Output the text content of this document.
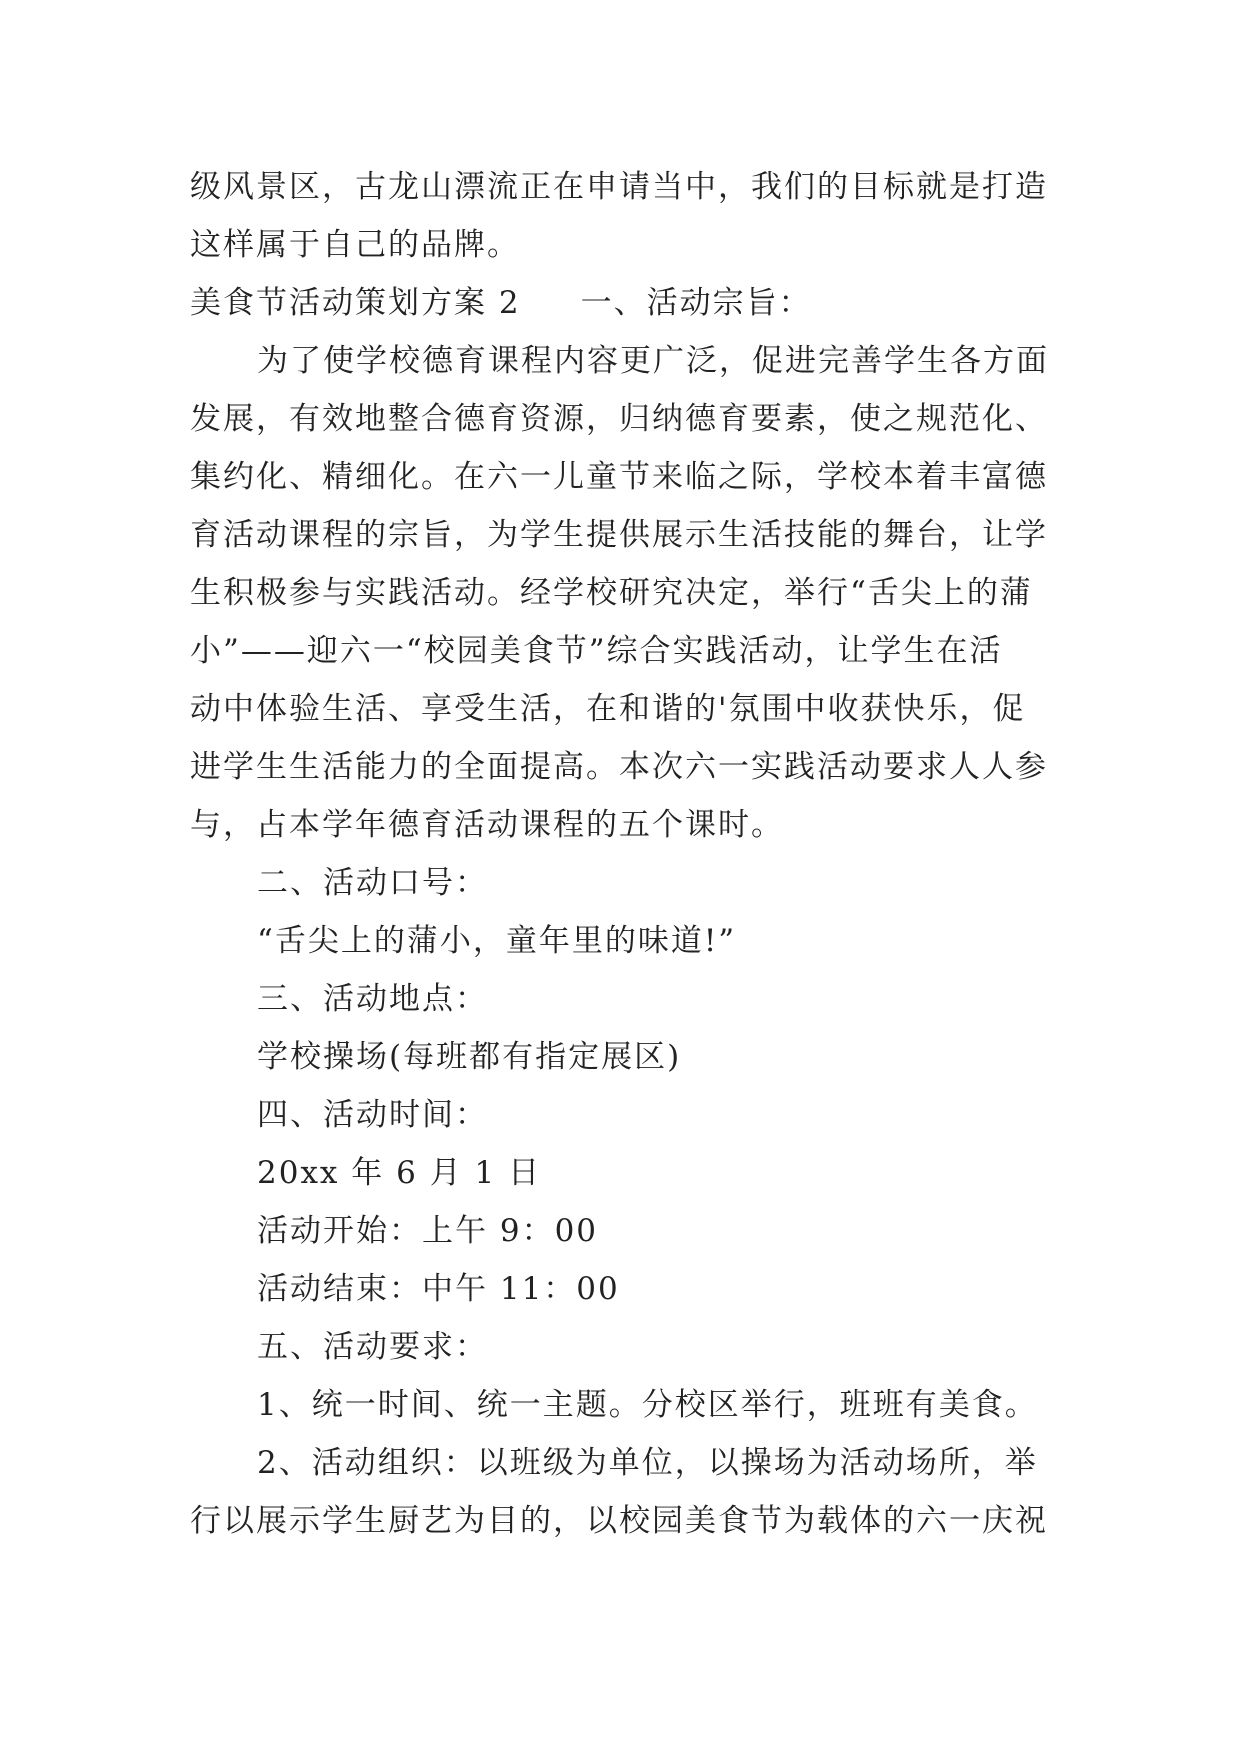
级风景区，古龙山漂流正在申请当中，我们的目标就是打造
这样属于自己的品牌。
美食节活动策划方案 2 一、活动宗旨：
为了使学校德育课程内容更广泛，促进完善学生各方面
发展，有效地整合德育资源，归纳德育要素，使之规范化、
集约化、精细化。在六一儿童节来临之际，学校本着丰富德
育活动课程的宗旨，为学生提供展示生活技能的舞台，让学
生积极参与实践活动。经学校研究决定，举行“舌尖上的蒲
小”——迎六一“校园美食节”综合实践活动，让学生在活
动中体验生活、享受生活，在和谐的'氛围中收获快乐，促
进学生生活能力的全面提高。本次六一实践活动要求人人参
与，占本学年德育活动课程的五个课时。
二、活动口号：
“舌尖上的蒲小，童年里的味道!”
三、活动地点：
学校操场(每班都有指定展区)
四、活动时间：
20xx 年 6 月 1 日
活动开始：上午 9：00
活动结束：中午 11：00
五、活动要求：
1、统一时间、统一主题。分校区举行，班班有美食。
2、活动组织：以班级为单位，以操场为活动场所，举
行以展示学生厨艺为目的，以校园美食节为载体的六一庆祝
